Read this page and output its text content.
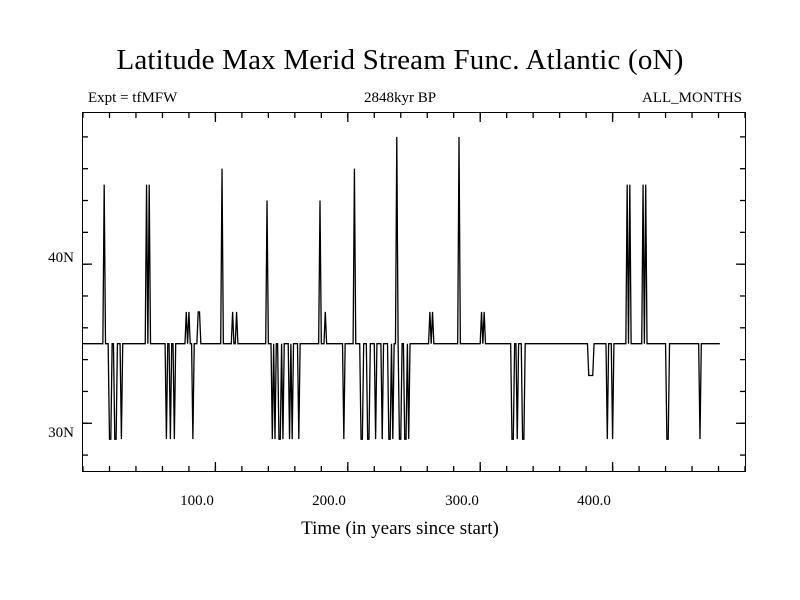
Latitude Max Merid Stream Func. Atlantic (oN)
Expt = tfMFW	2848kyr BP	ALL_MONTHS
40N
30N
100.0	200.0	300.0	400.0
Time (in years since start)
